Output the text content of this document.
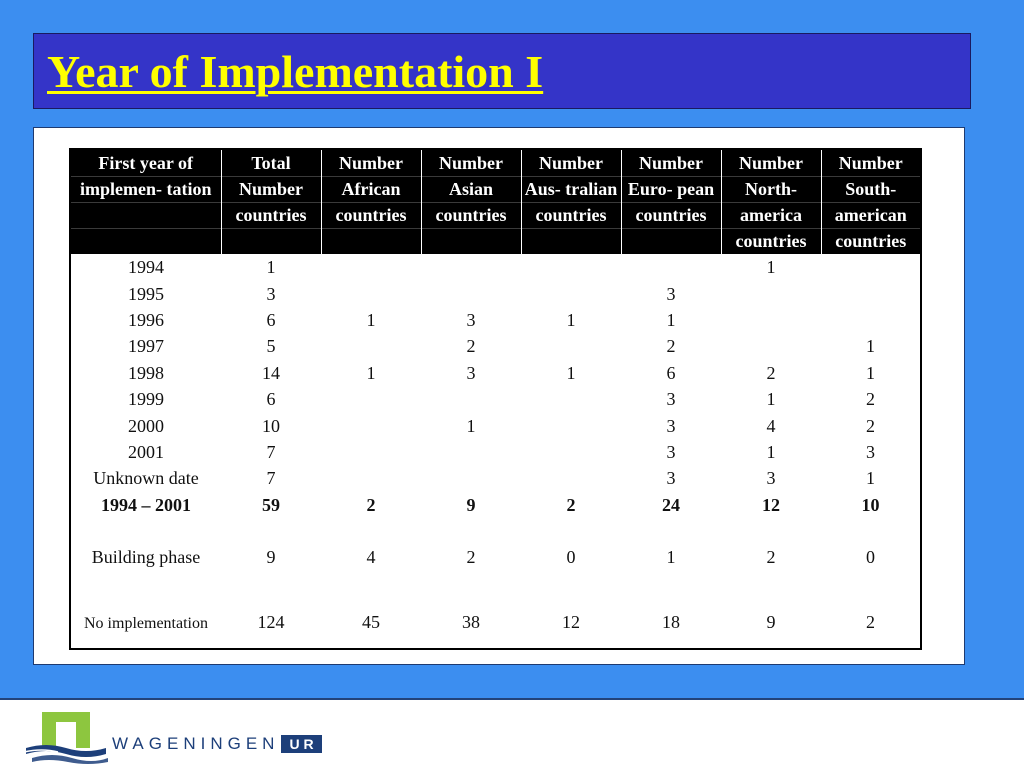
Year of Implementation I
First year of implemen- tation	Total Number countries	Number African countries	Number Asian countries	Number Aus- tralian countries	Number Euro- pean countries	Number North- america countries	Number South- american countries
1994	1					1	
1995	3				3		
1996	6	1	3	1	1		
1997	5		2		2		1
1998	14	1	3	1	6	2	1
1999	6				3	1	2
2000	10		1		3	4	2
2001	7				3	1	3
Unknown date	7				3	3	1
1994 – 2001	59	2	9	2	24	12	10

Building phase	9	4	2	0	1	2	0

No implementation	124	45	38	12	18	9	2
WAGENINGEN UR
